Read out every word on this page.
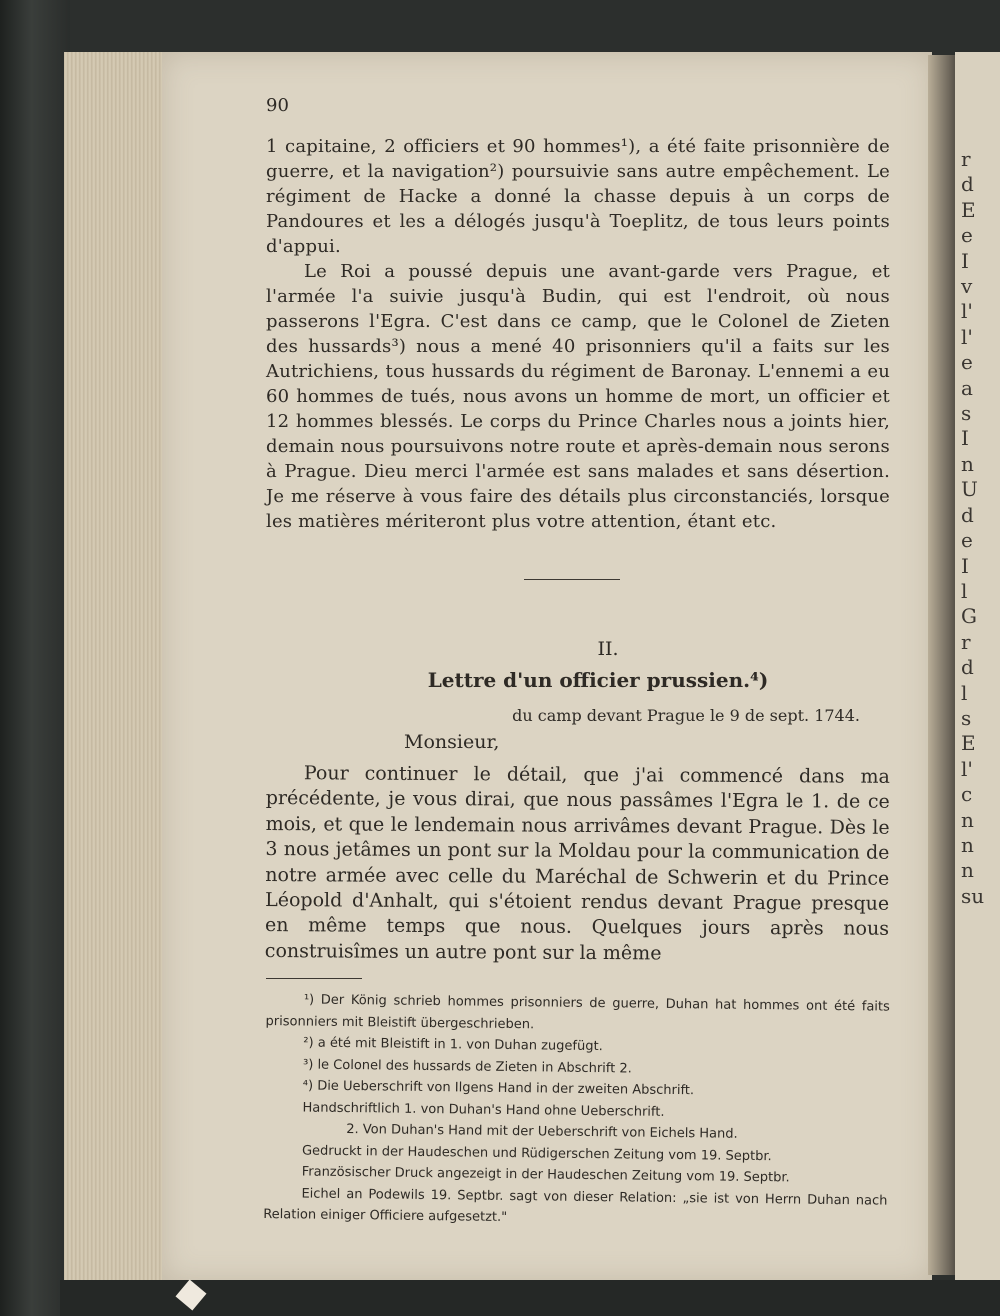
r
d
E
e
I
v
l'
l'
e
a
s
I
n
U
d
e
I
l
G
r
d
l
s
E
l'
c
n
n
n
su
90

1 capitaine, 2 officiers et 90 hommes¹), a été faite prisonnière de guerre, et la navigation²) poursuivie sans autre empêchement. Le régiment de Hacke a donné la chasse depuis à un corps de Pandoures et les a délogés jusqu'à Toeplitz, de tous leurs points d'appui.

Le Roi a poussé depuis une avant-garde vers Prague, et l'armée l'a suivie jusqu'à Budin, qui est l'endroit, où nous passerons l'Egra. C'est dans ce camp, que le Colonel de Zieten des hussards³) nous a mené 40 prisonniers qu'il a faits sur les Autrichiens, tous hussards du régiment de Baronay. L'ennemi a eu 60 hommes de tués, nous avons un homme de mort, un officier et 12 hommes blessés. Le corps du Prince Charles nous a joints hier, demain nous poursuivons notre route et après-demain nous serons à Prague. Dieu merci l'armée est sans malades et sans désertion. Je me réserve à vous faire des détails plus circonstanciés, lorsque les matières mériteront plus votre attention, étant etc.

II.
Lettre d'un officier prussien.⁴)
du camp devant Prague le 9 de sept. 1744.
Monsieur,

Pour continuer le détail, que j'ai commencé dans ma précédente, je vous dirai, que nous passâmes l'Egra le 1. de ce mois, et que le lendemain nous arrivâmes devant Prague. Dès le 3 nous jetâmes un pont sur la Moldau pour la communication de notre armée avec celle du Maréchal de Schwerin et du Prince Léopold d'Anhalt, qui s'étoient rendus devant Prague presque en même temps que nous. Quelques jours après nous construisîmes un autre pont sur la même

¹) Der König schrieb hommes prisonniers de guerre, Duhan hat hommes ont été faits prisonniers mit Bleistift übergeschrieben.

²) a été mit Bleistift in 1. von Duhan zugefügt.

³) le Colonel des hussards de Zieten in Abschrift 2.

⁴) Die Ueberschrift von Ilgens Hand in der zweiten Abschrift.

Handschriftlich 1. von Duhan's Hand ohne Ueberschrift.

2. Von Duhan's Hand mit der Ueberschrift von Eichels Hand.

Gedruckt in der Haudeschen und Rüdigerschen Zeitung vom 19. Septbr.

Französischer Druck angezeigt in der Haudeschen Zeitung vom 19. Septbr.

Eichel an Podewils 19. Septbr. sagt von dieser Relation: „sie ist von Herrn Duhan nach Relation einiger Officiere aufgesetzt."
